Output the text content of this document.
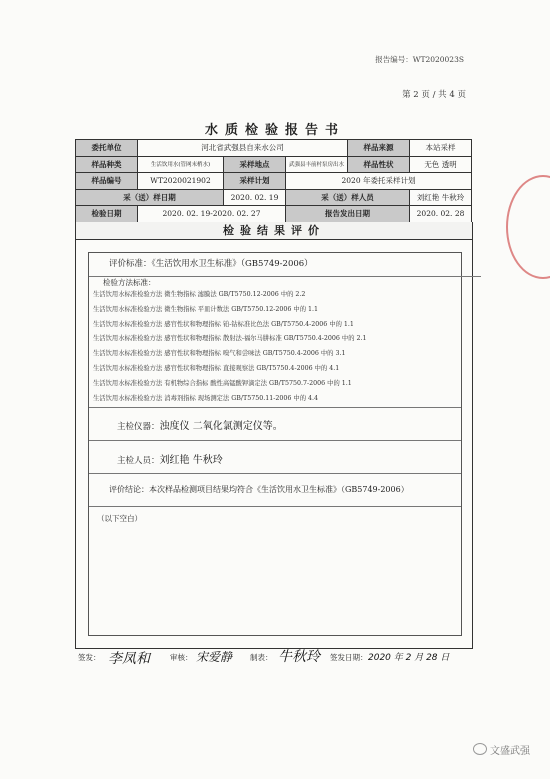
报告编号：WT2020023S
第 2 页 / 共 4 页
水质检验报告书
委托单位	河北省武强县自来水公司			样品来源	本站采样
样品种类	生活饮用水(管网末梢水)	采样地点	武强县丰前村泵房出水	样品性状	无色 透明
样品编号	WT2020021902	采样计划	2020 年委托采样计划		
采（送）样日期		2020. 02. 19	采（送）样人员		刘红艳 牛秋玲
检验日期	2020. 02. 19-2020. 02. 27		报告发出日期		2020. 02. 28
检验结果评价
评价标准：《生活饮用水卫生标准》（GB5749-2006）
检验方法标准：
生活饮用水标准检验方法 微生物指标 滤膜法 GB/T5750.12-2006 中的 2.2
生活饮用水标准检验方法 微生物指标 平皿计数法 GB/T5750.12-2006 中的 1.1
生活饮用水标准检验方法 感官性状和物理指标 铂-钴标准比色法 GB/T5750.4-2006 中的 1.1
生活饮用水标准检验方法 感官性状和物理指标 散射法-福尔马肼标准 GB/T5750.4-2006 中的 2.1
生活饮用水标准检验方法 感官性状和物理指标 嗅气和尝味法 GB/T5750.4-2006 中的 3.1
生活饮用水标准检验方法 感官性状和物理指标 直接观察法 GB/T5750.4-2006 中的 4.1
生活饮用水标准检验方法 有机物综合指标 酸性高锰酸钾滴定法 GB/T5750.7-2006 中的 1.1
生活饮用水标准检验方法 消毒剂指标 现场测定法 GB/T5750.11-2006 中的 4.4
主检仪器：浊度仪 二氧化氯测定仪等。
主检人员：刘红艳 牛秋玲
评价结论：本次样品检测项目结果均符合《生活饮用水卫生标准》（GB5749-2006）
（以下空白）
签发： 李凤和	审核： 宋爱静 制表： 牛秋玲 签发日期： 2020 年 2 月 28 日
文盛武强
